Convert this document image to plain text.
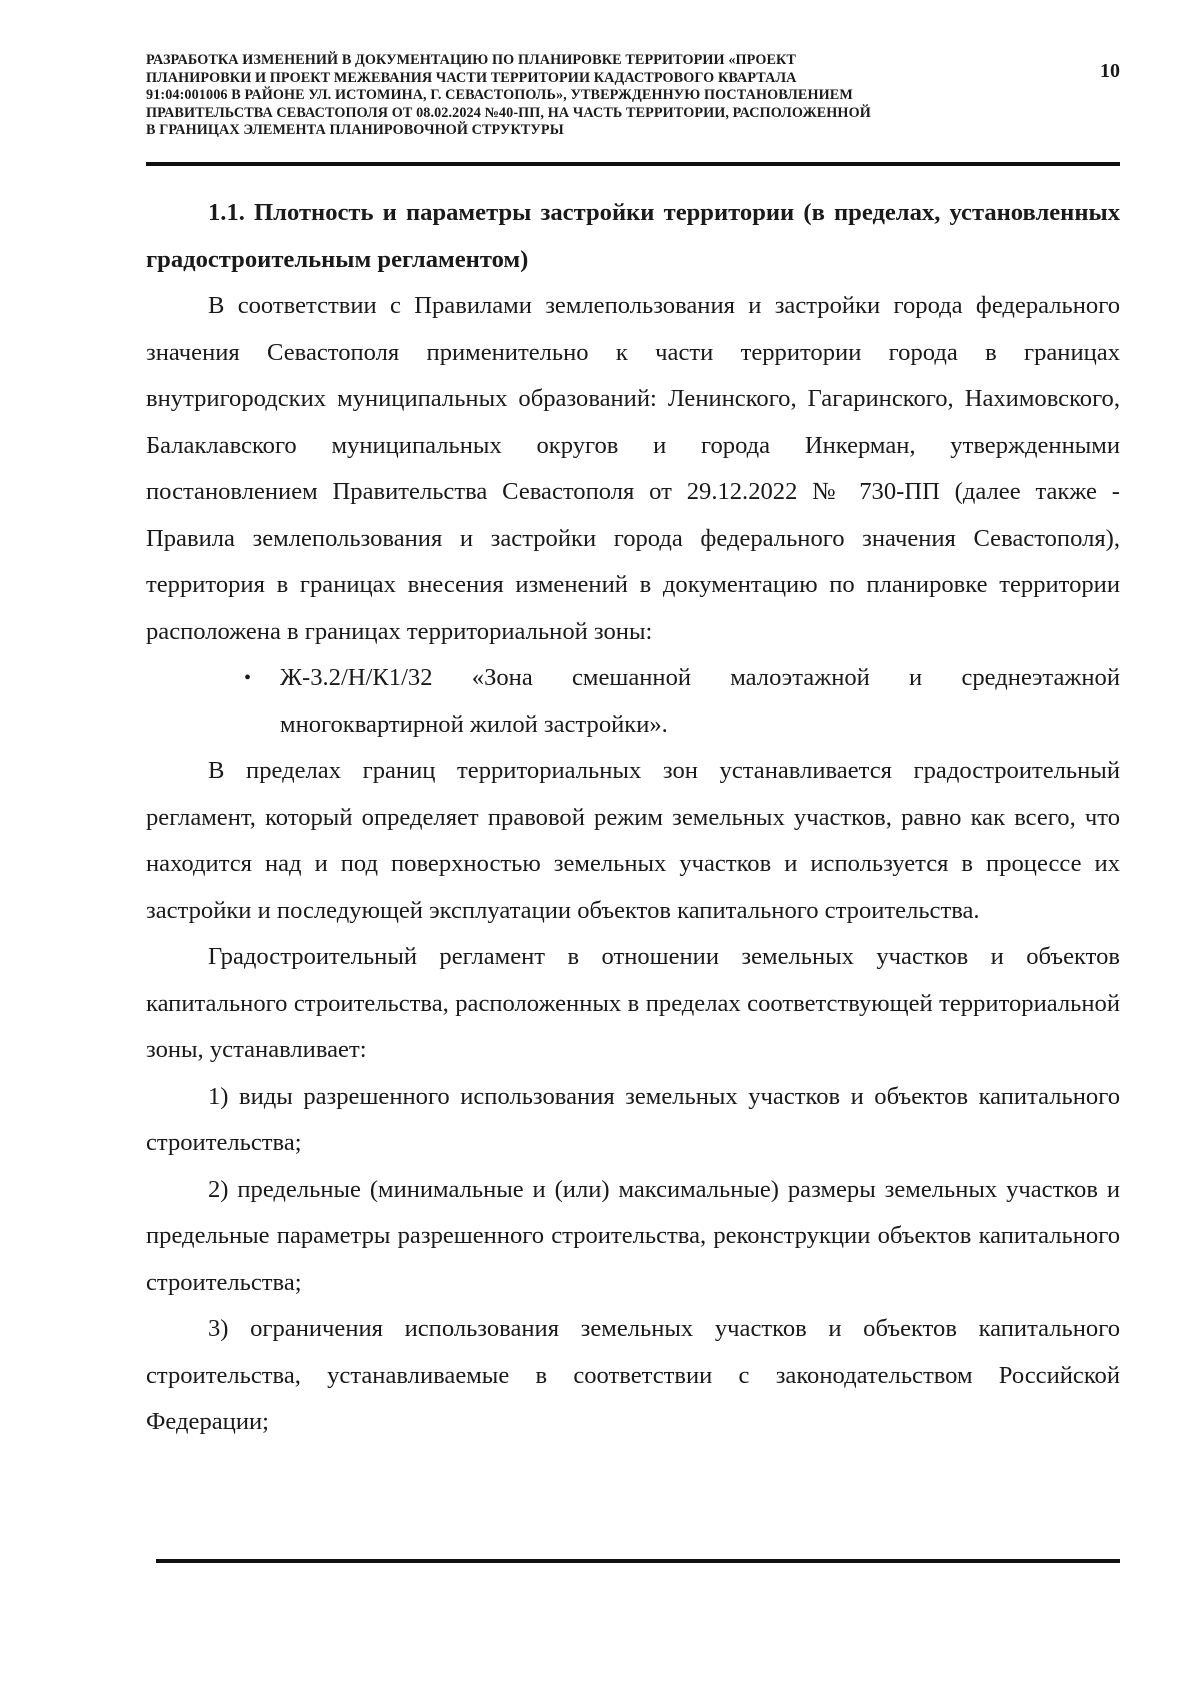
РАЗРАБОТКА ИЗМЕНЕНИЙ В ДОКУМЕНТАЦИЮ ПО ПЛАНИРОВКЕ ТЕРРИТОРИИ «ПРОЕКТ
ПЛАНИРОВКИ И ПРОЕКТ МЕЖЕВАНИЯ ЧАСТИ ТЕРРИТОРИИ КАДАСТРОВОГО КВАРТАЛА
91:04:001006 В РАЙОНЕ УЛ. ИСТОМИНА, Г. СЕВАСТОПОЛЬ», УТВЕРЖДЕННУЮ ПОСТАНОВЛЕНИЕМ
ПРАВИТЕЛЬСТВА СЕВАСТОПОЛЯ ОТ 08.02.2024 №40-ПП, НА ЧАСТЬ ТЕРРИТОРИИ, РАСПОЛОЖЕННОЙ
В ГРАНИЦАХ ЭЛЕМЕНТА ПЛАНИРОВОЧНОЙ СТРУКТУРЫ
10

1.1. Плотность и параметры застройки территории (в пределах, установленных градостроительным регламентом)

В соответствии с Правилами землепользования и застройки города федерального значения Севастополя применительно к части территории города в границах внутригородских муниципальных образований: Ленинского, Гагаринского, Нахимовского, Балаклавского муниципальных округов и города Инкерман, утвержденными постановлением Правительства Севастополя от 29.12.2022 № 730-ПП (далее также - Правила землепользования и застройки города федерального значения Севастополя), территория в границах внесения изменений в документацию по планировке территории расположена в границах территориальной зоны:

• Ж-3.2/Н/К1/32 «Зона смешанной малоэтажной и среднеэтажной многоквартирной жилой застройки».

В пределах границ территориальных зон устанавливается градостроительный регламент, который определяет правовой режим земельных участков, равно как всего, что находится над и под поверхностью земельных участков и используется в процессе их застройки и последующей эксплуатации объектов капитального строительства.

Градостроительный регламент в отношении земельных участков и объектов капитального строительства, расположенных в пределах соответствующей территориальной зоны, устанавливает:

1) виды разрешенного использования земельных участков и объектов капитального строительства;

2) предельные (минимальные и (или) максимальные) размеры земельных участков и предельные параметры разрешенного строительства, реконструкции объектов капитального строительства;

3) ограничения использования земельных участков и объектов капитального строительства, устанавливаемые в соответствии с законодательством Российской Федерации;
